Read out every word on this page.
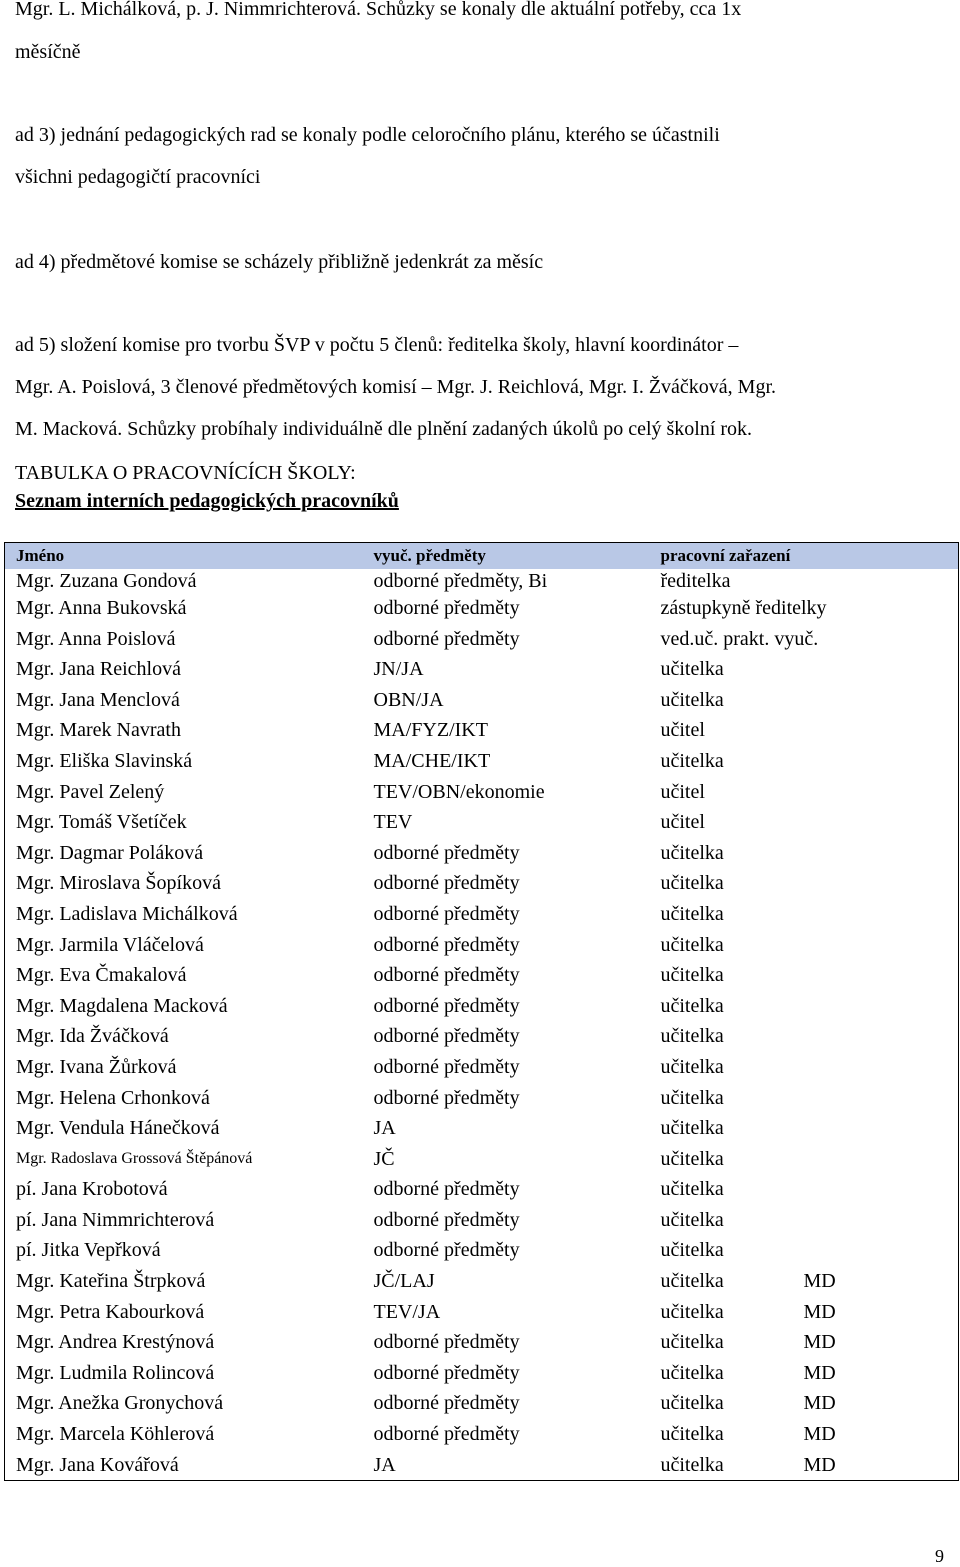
Mgr. L. Michálková, p. J. Nimmrichterová. Schůzky se konaly dle aktuální potřeby, cca 1x

měsíčně

ad 3) jednání pedagogických rad se konaly podle celoročního plánu, kterého se účastnili

všichni pedagogičtí pracovníci

ad 4) předmětové komise se scházely přibližně jedenkrát za měsíc

ad 5) složení komise pro tvorbu ŠVP v počtu 5 členů: ředitelka školy, hlavní koordinátor –

Mgr. A. Poislová, 3 členové předmětových komisí – Mgr. J. Reichlová, Mgr. I. Žváčková, Mgr.

M. Macková. Schůzky probíhaly individuálně dle plnění zadaných úkolů po celý školní rok.

TABULKA O PRACOVNÍCÍCH ŠKOLY:
Seznam interních pedagogických pracovníků
Jméno	vyuč. předměty	pracovní zařazení	
Mgr. Zuzana Gondová	odborné předměty, Bi	ředitelka	
Mgr. Anna Bukovská	odborné předměty	zástupkyně ředitelky	
Mgr. Anna Poislová	odborné předměty	ved.uč. prakt. vyuč.	
Mgr. Jana Reichlová	JN/JA	učitelka	
Mgr. Jana Menclová	OBN/JA	učitelka	
Mgr. Marek Navrath	MA/FYZ/IKT	učitel	
Mgr. Eliška Slavinská	MA/CHE/IKT	učitelka	
Mgr. Pavel Zelený	TEV/OBN/ekonomie	učitel	
Mgr. Tomáš Všetíček	TEV	učitel	
Mgr. Dagmar Poláková	odborné předměty	učitelka	
Mgr. Miroslava Šopíková	odborné předměty	učitelka	
Mgr. Ladislava Michálková	odborné předměty	učitelka	
Mgr. Jarmila Vláčelová	odborné předměty	učitelka	
Mgr. Eva Čmakalová	odborné předměty	učitelka	
Mgr. Magdalena Macková	odborné předměty	učitelka	
Mgr. Ida Žváčková	odborné předměty	učitelka	
Mgr. Ivana Žůrková	odborné předměty	učitelka	
Mgr. Helena Crhonková	odborné předměty	učitelka	
Mgr. Vendula Hánečková	JA	učitelka	
Mgr. Radoslava Grossová Štěpánová	JČ	učitelka	
pí. Jana Krobotová	odborné předměty	učitelka	
pí. Jana Nimmrichterová	odborné předměty	učitelka	
pí. Jitka Vepřková	odborné předměty	učitelka	
Mgr. Kateřina Štrpková	JČ/LAJ	učitelka	MD
Mgr. Petra Kabourková	TEV/JA	učitelka	MD
Mgr. Andrea Krestýnová	odborné předměty	učitelka	MD
Mgr. Ludmila Rolincová	odborné předměty	učitelka	MD
Mgr. Anežka Gronychová	odborné předměty	učitelka	MD
Mgr. Marcela Köhlerová	odborné předměty	učitelka	MD
Mgr. Jana Kovářová	JA	učitelka	MD
9
